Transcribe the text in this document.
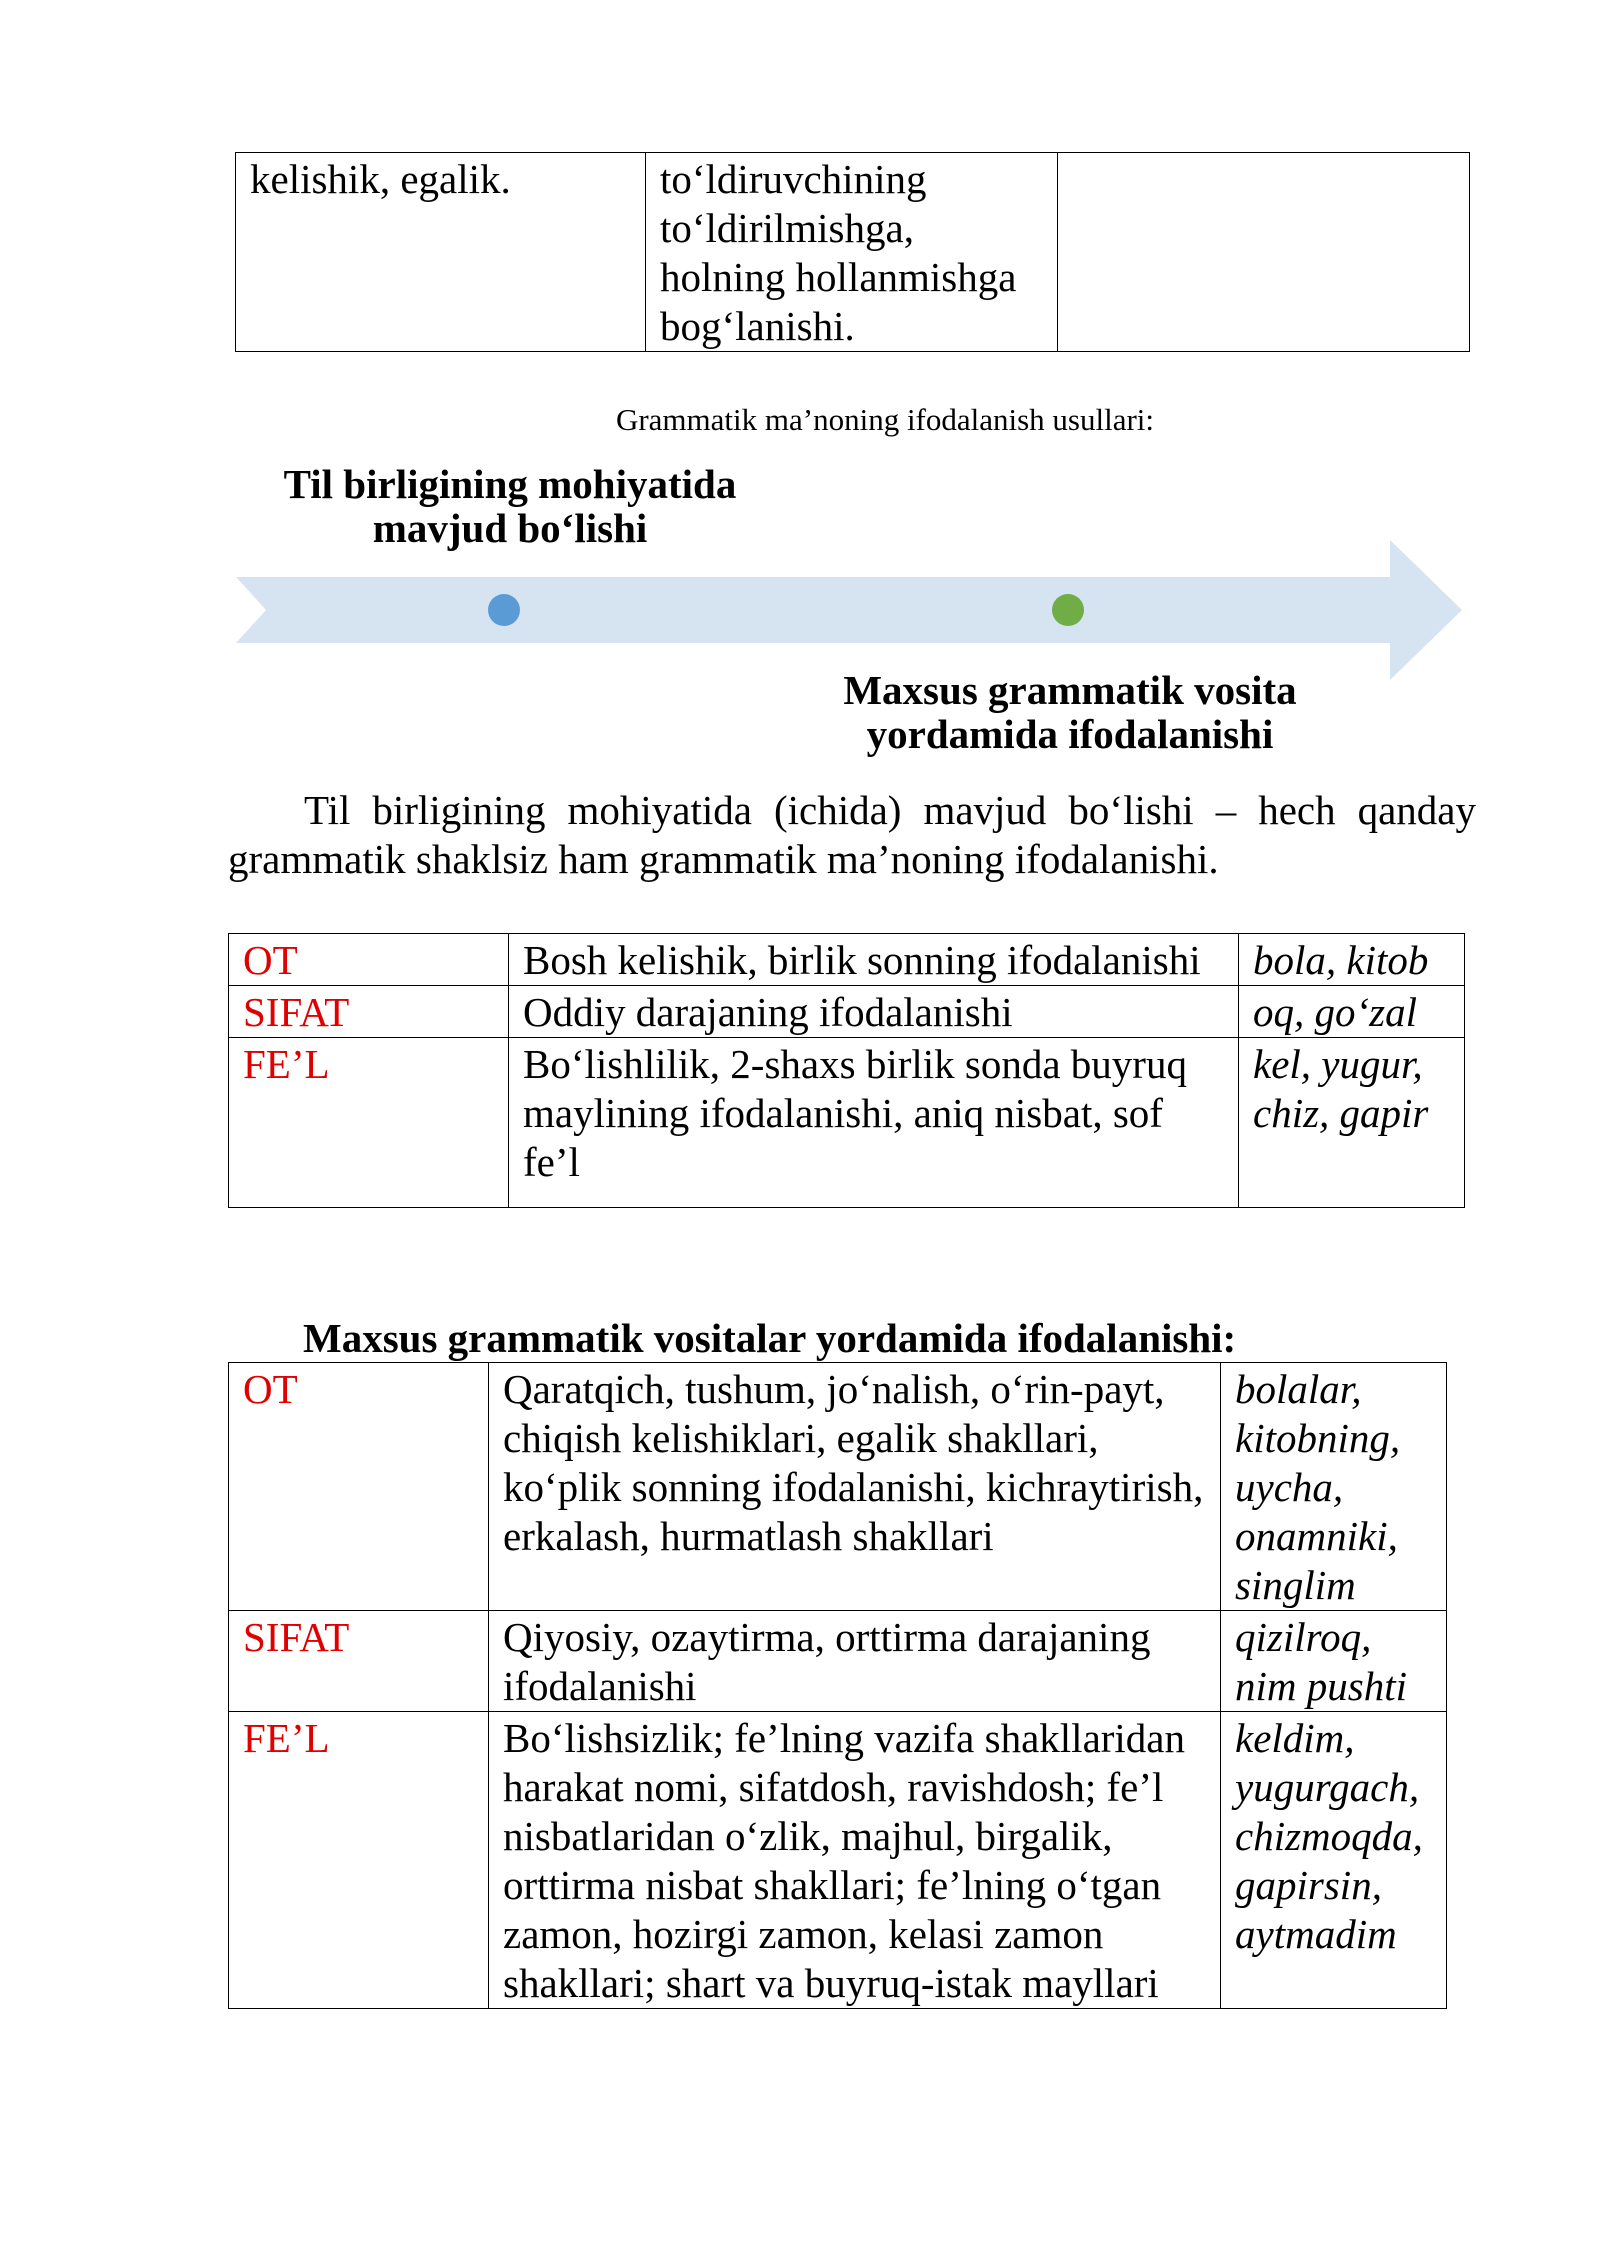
kelishik, egalik.	to‘ldiruvchining to‘ldirilmishga, holning hollanmishga bog‘lanishi.	
Grammatik ma’noning ifodalanish usullari:
Til birligining mohiyatida mavjud bo‘lishi
Maxsus grammatik vosita yordamida ifodalanishi

Til birligining mohiyatida (ichida) mavjud bo‘lishi – hech qanday grammatik shaklsiz ham grammatik ma’noning ifodalanishi.

OT	Bosh kelishik, birlik sonning ifodalanishi	bola, kitob
SIFAT	Oddiy darajaning ifodalanishi	oq, go‘zal
FE’L	Bo‘lishlilik, 2-shaxs birlik sonda buyruq maylining ifodalanishi, aniq nisbat, sof fe’l	kel, yugur, chiz, gapir
Maxsus grammatik vositalar yordamida ifodalanishi:
OT	Qaratqich, tushum, jo‘nalish, o‘rin-payt, chiqish kelishiklari, egalik shakllari, ko‘plik sonning ifodalanishi, kichraytirish, erkalash, hurmatlash shakllari	bolalar, kitobning, uycha, onamniki, singlim
SIFAT	Qiyosiy, ozaytirma, orttirma darajaning ifodalanishi	qizilroq, nim pushti
FE’L	Bo‘lishsizlik; fe’lning vazifa shakllaridan harakat nomi, sifatdosh, ravishdosh; fe’l nisbatlaridan o‘zlik, majhul, birgalik, orttirma nisbat shakllari; fe’lning o‘tgan zamon, hozirgi zamon, kelasi zamon shakllari; shart va buyruq-istak mayllari	keldim, yugurgach, chizmoqda, gapirsin, aytmadim
